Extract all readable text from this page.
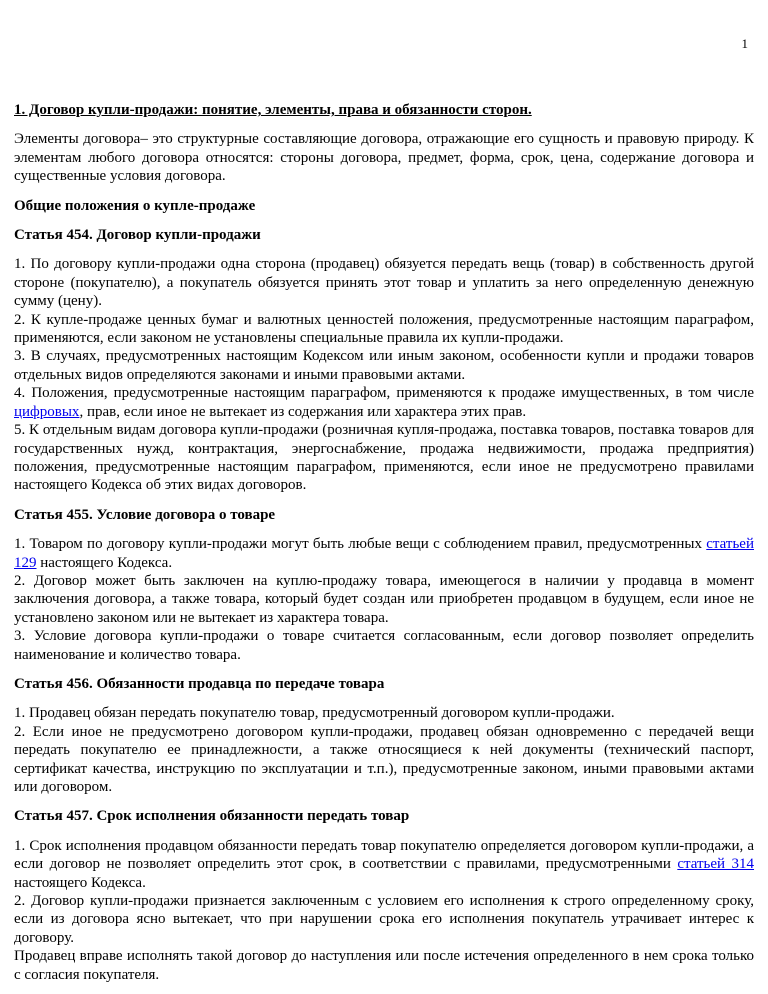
1
1. Договор купли-продажи: понятие, элементы, права и обязанности сторон.

Элементы договора– это структурные составляющие договора, отражающие его сущность и правовую природу. К элементам любого договора относятся: стороны договора, предмет, форма, срок, цена, содержание договора и существенные условия договора.

Общие положения о купле-продаже
Статья 454. Договор купли-продажи

1. По договору купли-продажи одна сторона (продавец) обязуется передать вещь (товар) в собственность другой стороне (покупателю), а покупатель обязуется принять этот товар и уплатить за него определенную денежную сумму (цену).

2. К купле-продаже ценных бумаг и валютных ценностей положения, предусмотренные настоящим параграфом, применяются, если законом не установлены специальные правила их купли-продажи.

3. В случаях, предусмотренных настоящим Кодексом или иным законом, особенности купли и продажи товаров отдельных видов определяются законами и иными правовыми актами.

4. Положения, предусмотренные настоящим параграфом, применяются к продаже имущественных, в том числе цифровых, прав, если иное не вытекает из содержания или характера этих прав.

5. К отдельным видам договора купли-продажи (розничная купля-продажа, поставка товаров, поставка товаров для государственных нужд, контрактация, энергоснабжение, продажа недвижимости, продажа предприятия) положения, предусмотренные настоящим параграфом, применяются, если иное не предусмотрено правилами настоящего Кодекса об этих видах договоров.

Статья 455. Условие договора о товаре

1. Товаром по договору купли-продажи могут быть любые вещи с соблюдением правил, предусмотренных статьей 129 настоящего Кодекса.

2. Договор может быть заключен на куплю-продажу товара, имеющегося в наличии у продавца в момент заключения договора, а также товара, который будет создан или приобретен продавцом в будущем, если иное не установлено законом или не вытекает из характера товара.

3. Условие договора купли-продажи о товаре считается согласованным, если договор позволяет определить наименование и количество товара.

Статья 456. Обязанности продавца по передаче товара

1. Продавец обязан передать покупателю товар, предусмотренный договором купли-продажи.

2. Если иное не предусмотрено договором купли-продажи, продавец обязан одновременно с передачей вещи передать покупателю ее принадлежности, а также относящиеся к ней документы (технический паспорт, сертификат качества, инструкцию по эксплуатации и т.п.), предусмотренные законом, иными правовыми актами или договором.

Статья 457. Срок исполнения обязанности передать товар

1. Срок исполнения продавцом обязанности передать товар покупателю определяется договором купли-продажи, а если договор не позволяет определить этот срок, в соответствии с правилами, предусмотренными статьей 314 настоящего Кодекса.

2. Договор купли-продажи признается заключенным с условием его исполнения к строго определенному сроку, если из договора ясно вытекает, что при нарушении срока его исполнения покупатель утрачивает интерес к договору.

Продавец вправе исполнять такой договор до наступления или после истечения определенного в нем срока только с согласия покупателя.
